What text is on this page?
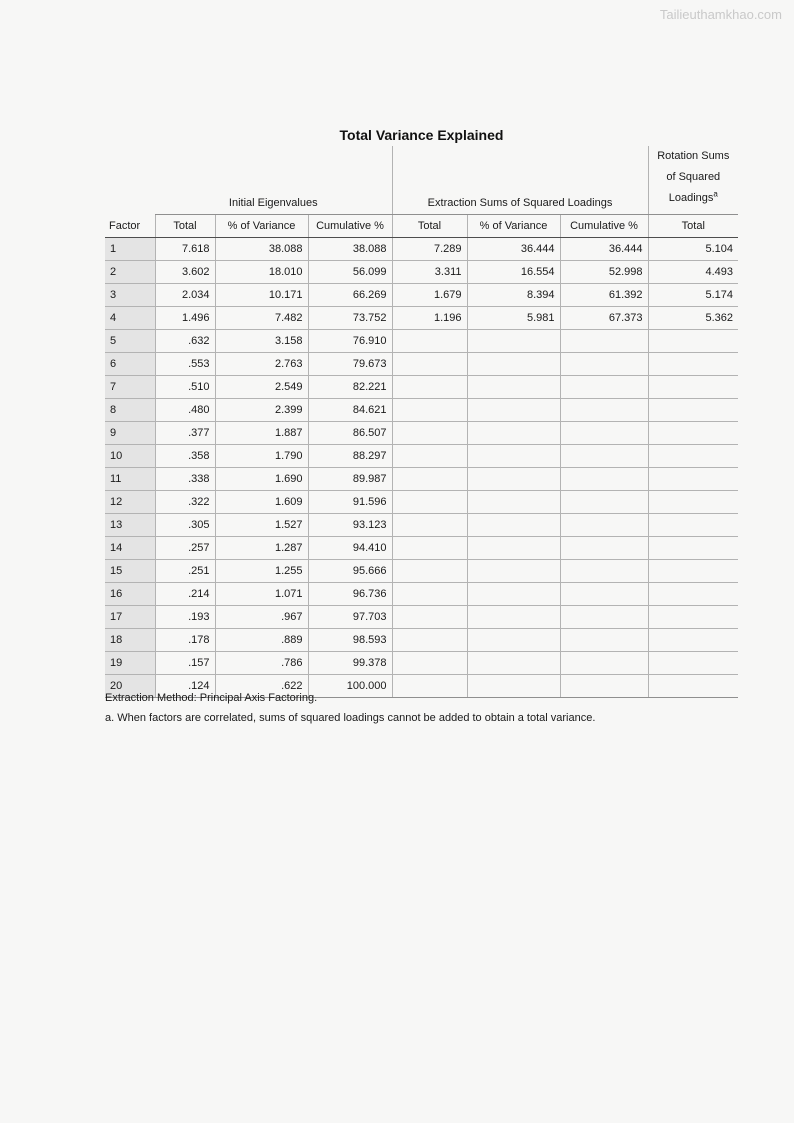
Tailieuthamkhao.com
Total Variance Explained
	Initial Eigenvalues			Extraction Sums of Squared Loadings			Rotation Sums
of Squared
Loadings$^a$

Factor	Total	% of Variance	Cumulative %	Total	% of Variance	Cumulative %	Total
1	7.618	38.088	38.088	7.289	36.444	36.444	5.104
2	3.602	18.010	56.099	3.311	16.554	52.998	4.493
3	2.034	10.171	66.269	1.679	8.394	61.392	5.174
4	1.496	7.482	73.752	1.196	5.981	67.373	5.362
5	.632	3.158	76.910				
6	.553	2.763	79.673				
7	.510	2.549	82.221				
8	.480	2.399	84.621				
9	.377	1.887	86.507				
10	.358	1.790	88.297				
11	.338	1.690	89.987				
12	.322	1.609	91.596				
13	.305	1.527	93.123				
14	.257	1.287	94.410				
15	.251	1.255	95.666				
16	.214	1.071	96.736				
17	.193	.967	97.703				
18	.178	.889	98.593				
19	.157	.786	99.378				
20	.124	.622	100.000				
Extraction Method: Principal Axis Factoring.
a. When factors are correlated, sums of squared loadings cannot be added to obtain a total variance.
